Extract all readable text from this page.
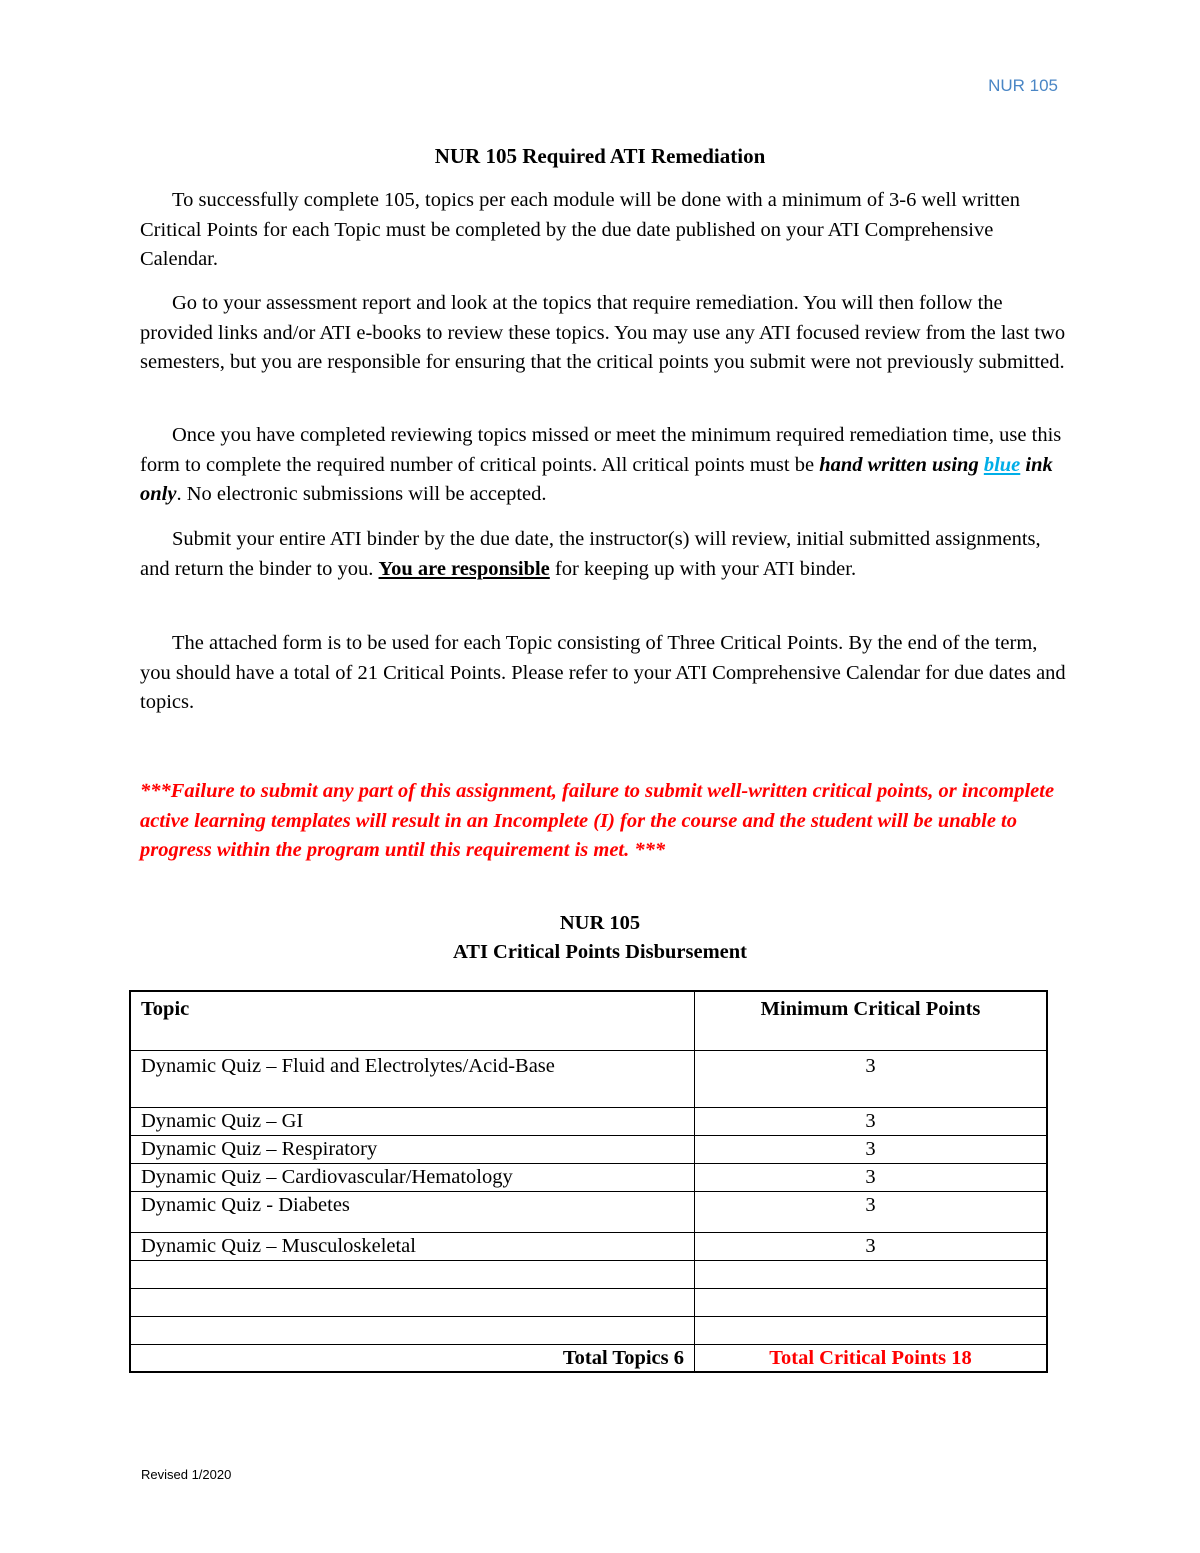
NUR 105
NUR 105 Required ATI Remediation
To successfully complete 105, topics per each module will be done with a minimum of 3-6 well written Critical Points for each Topic must be completed by the due date published on your ATI Comprehensive Calendar.
Go to your assessment report and look at the topics that require remediation. You will then follow the provided links and/or ATI e-books to review these topics. You may use any ATI focused review from the last two semesters, but you are responsible for ensuring that the critical points you submit were not previously submitted.
Once you have completed reviewing topics missed or meet the minimum required remediation time, use this form to complete the required number of critical points. All critical points must be hand written using blue ink only. No electronic submissions will be accepted.
Submit your entire ATI binder by the due date, the instructor(s) will review, initial submitted assignments, and return the binder to you. You are responsible for keeping up with your ATI binder.
The attached form is to be used for each Topic consisting of Three Critical Points. By the end of the term, you should have a total of 21 Critical Points. Please refer to your ATI Comprehensive Calendar for due dates and topics.
***Failure to submit any part of this assignment, failure to submit well-written critical points, or incomplete active learning templates will result in an Incomplete (I) for the course and the student will be unable to progress within the program until this requirement is met. ***
NUR 105
ATI Critical Points Disbursement
Topic	Minimum Critical Points
Dynamic Quiz – Fluid and Electrolytes/Acid-Base	3
Dynamic Quiz – GI	3
Dynamic Quiz – Respiratory	3
Dynamic Quiz – Cardiovascular/Hematology	3
Dynamic Quiz - Diabetes	3
Dynamic Quiz – Musculoskeletal	3

Total Topics 6	Total Critical Points 18
Revised 1/2020
